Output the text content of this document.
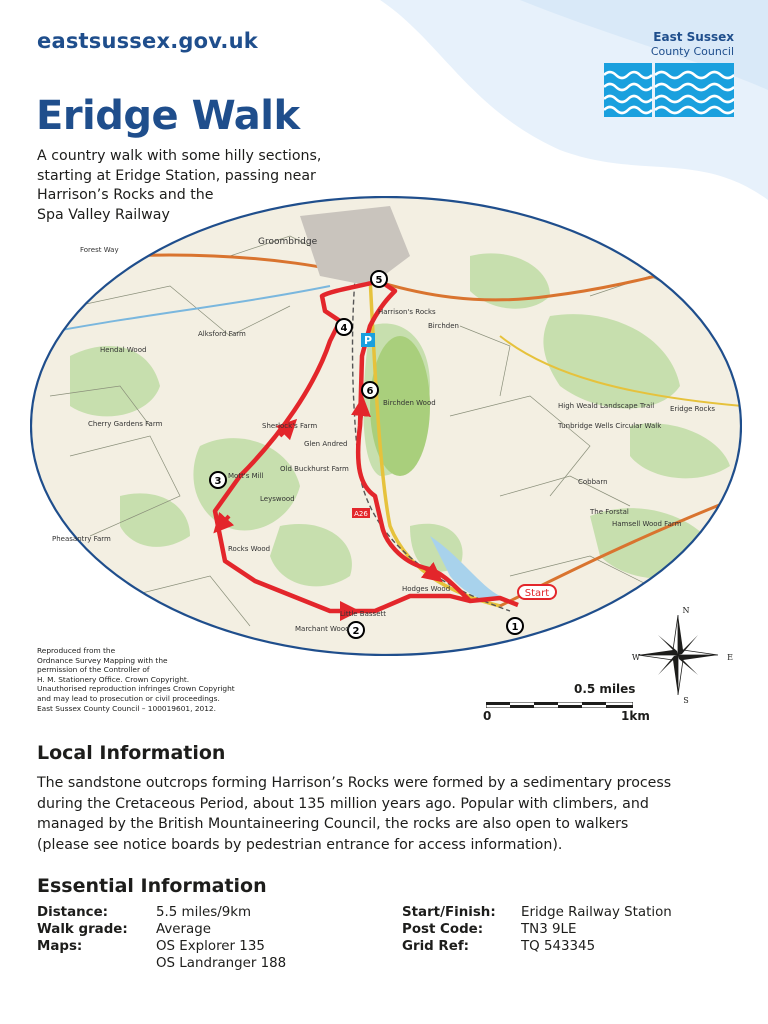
eastsussex.gov.uk	East Sussex
County Council
Eridge Walk
A country walk with some hilly sections,
starting at Eridge Station, passing near
Harrison’s Rocks and the
Spa Valley Railway
1
2
3
4
5
6
Start
P
A26
Groombridge
Birchden
Birchden Wood
Harrison's Rocks
Hendal Wood
Alksford Farm
Cherry Gardens Farm
Mott's Mill
Leyswood
Rocks Wood
Little Bassett
Cobbarn
Hamsell Wood Farm
High Weald Landscape Trail
Tunbridge Wells Circular Walk
Eridge Rocks
Forest Way
The Forstal
Sherlock's Farm
Glen Andred
Old Buckhurst Farm
Hodges Wood
Marchant Wood
Pheasantry Farm
Reproduced from the
Ordnance Survey Mapping with the
permission of the Controller of
H. M. Stationery Office. Crown Copyright.
Unauthorised reproduction infringes Crown Copyright
and may lead to prosecution or civil proceedings.
East Sussex County Council – 100019601, 2012.
N
S
E
W
0.5 miles
0	1km
Local Information
The sandstone outcrops forming Harrison’s Rocks were formed by a sedimentary process
during the Cretaceous Period, about 135 million years ago. Popular with climbers, and
managed by the British Mountaineering Council, the rocks are also open to walkers
(please see notice boards by pedestrian entrance for access information).
Essential Information
Distance:
Walk grade:
Maps:
5.5 miles/9km
Average
OS Explorer 135
OS Landranger 188
Start/Finish:
Post Code:
Grid Ref:
Eridge Railway Station
TN3 9LE
TQ 543345
